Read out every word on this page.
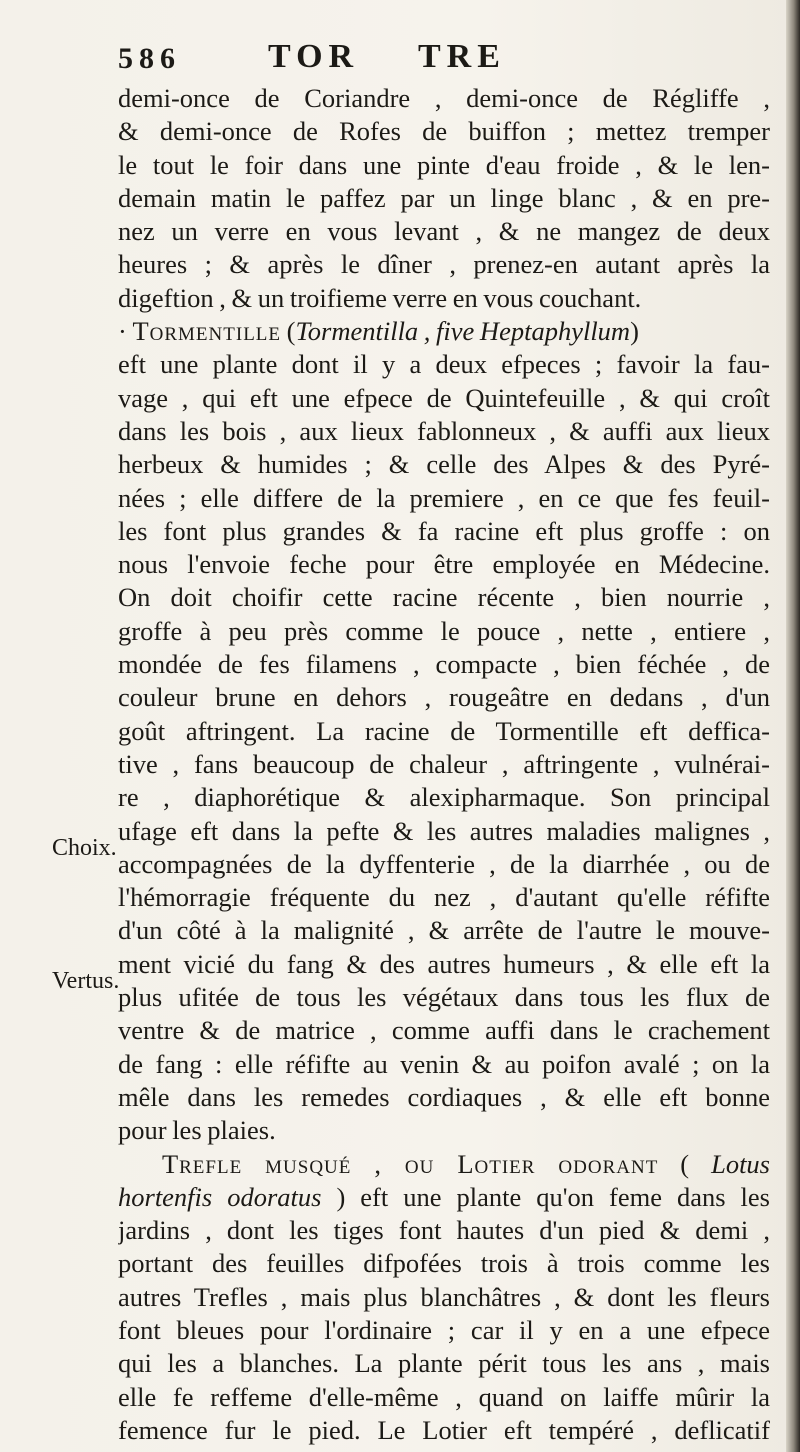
586	TOR TRE
Choix.
Vertus.
demi-once de Coriandre , demi-once de Régliffe ,
& demi-once de Rofes de buiffon ; mettez tremper
le tout le foir dans une pinte d'eau froide , & le len-
demain matin le paffez par un linge blanc , & en pre-
nez un verre en vous levant , & ne mangez de deux
heures ; & après le dîner , prenez-en autant après la
digeftion , & un troifieme verre en vous couchant.
· Tormentille (Tormentilla , five Heptaphyllum)
eft une plante dont il y a deux efpeces ; favoir la fau-
vage , qui eft une efpece de Quintefeuille , & qui croît
dans les bois , aux lieux fablonneux , & auffi aux lieux
herbeux & humides ; & celle des Alpes & des Pyré-
nées ; elle differe de la premiere , en ce que fes feuil-
les font plus grandes & fa racine eft plus groffe : on
nous l'envoie feche pour être employée en Médecine.
On doit choifir cette racine récente , bien nourrie ,
groffe à peu près comme le pouce , nette , entiere ,
mondée de fes filamens , compacte , bien féchée , de
couleur brune en dehors , rougeâtre en dedans , d'un
goût aftringent. La racine de Tormentille eft deffica-
tive , fans beaucoup de chaleur , aftringente , vulnérai-
re , diaphorétique & alexipharmaque. Son principal
ufage eft dans la pefte & les autres maladies malignes ,
accompagnées de la dyffenterie , de la diarrhée , ou de
l'hémorragie fréquente du nez , d'autant qu'elle réfifte
d'un côté à la malignité , & arrête de l'autre le mouve-
ment vicié du fang & des autres humeurs , & elle eft la
plus ufitée de tous les végétaux dans tous les flux de
ventre & de matrice , comme auffi dans le crachement
de fang : elle réfifte au venin & au poifon avalé ; on la
mêle dans les remedes cordiaques , & elle eft bonne
pour les plaies.
Trefle musqué , ou Lotier odorant ( Lotus
hortenfis odoratus ) eft une plante qu'on feme dans les
jardins , dont les tiges font hautes d'un pied & demi ,
portant des feuilles difpofées trois à trois comme les
autres Trefles , mais plus blanchâtres , & dont les fleurs
font bleues pour l'ordinaire ; car il y en a une efpece
qui les a blanches. La plante périt tous les ans , mais
elle fe reffeme d'elle-même , quand on laiffe mûrir la
femence fur le pied. Le Lotier eft tempéré , deflicatif
